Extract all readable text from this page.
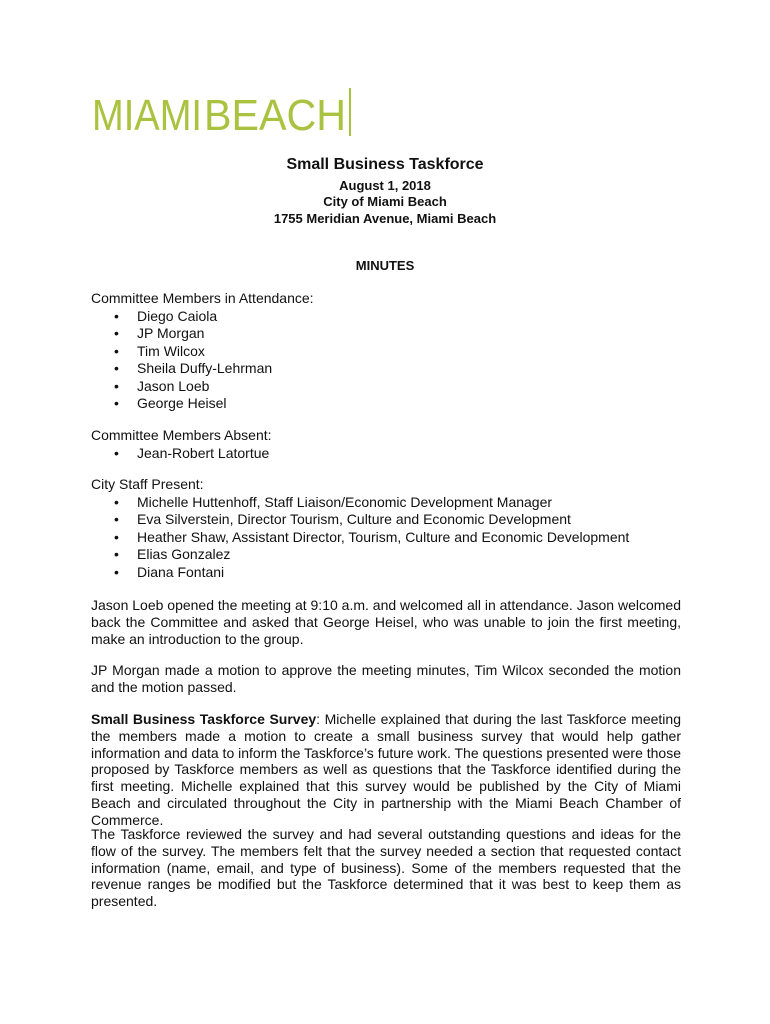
MIAMI BEACH
Small Business Taskforce
August 1, 2018
City of Miami Beach
1755 Meridian Avenue, Miami Beach
MINUTES

Committee Members in Attendance:

• Diego Caiola
• JP Morgan
• Tim Wilcox
• Sheila Duffy-Lehrman
• Jason Loeb
• George Heisel

Committee Members Absent:

• Jean-Robert Latortue

City Staff Present:

• Michelle Huttenhoff, Staff Liaison/Economic Development Manager
• Eva Silverstein, Director Tourism, Culture and Economic Development
• Heather Shaw, Assistant Director, Tourism, Culture and Economic Development
• Elias Gonzalez
• Diana Fontani

Jason Loeb opened the meeting at 9:10 a.m. and welcomed all in attendance. Jason welcomed back the Committee and asked that George Heisel, who was unable to join the first meeting, make an introduction to the group.

JP Morgan made a motion to approve the meeting minutes, Tim Wilcox seconded the motion and the motion passed.

Small Business Taskforce Survey: Michelle explained that during the last Taskforce meeting the members made a motion to create a small business survey that would help gather information and data to inform the Taskforce’s future work. The questions presented were those proposed by Taskforce members as well as questions that the Taskforce identified during the first meeting. Michelle explained that this survey would be published by the City of Miami Beach and circulated throughout the City in partnership with the Miami Beach Chamber of Commerce.

The Taskforce reviewed the survey and had several outstanding questions and ideas for the flow of the survey. The members felt that the survey needed a section that requested contact information (name, email, and type of business). Some of the members requested that the revenue ranges be modified but the Taskforce determined that it was best to keep them as presented.
